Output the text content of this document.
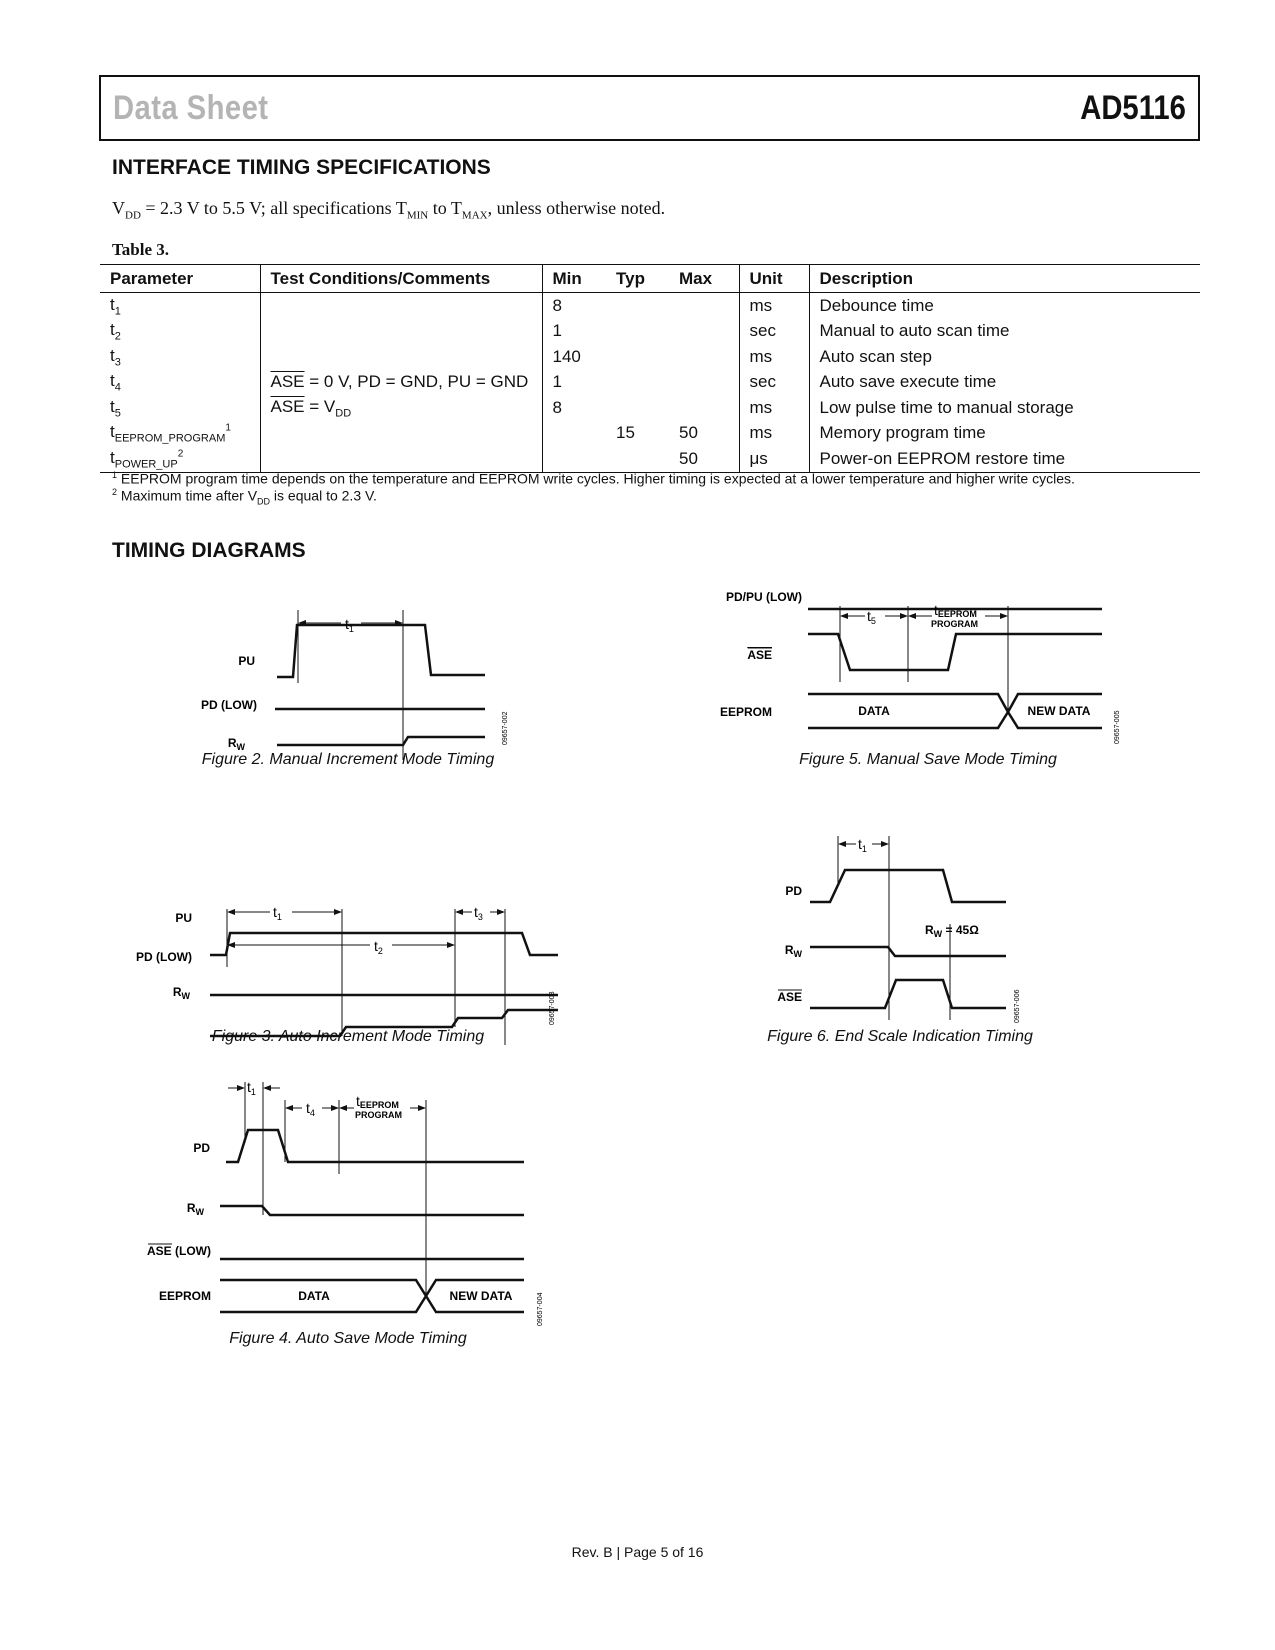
Data Sheet	AD5116
INTERFACE TIMING SPECIFICATIONS
$V_{DD} = 2.3$ V to 5.5 V; all specifications $T_{MIN}$ to $T_{MAX}$, unless otherwise noted.
Table 3.
Parameter	Test Conditions/Comments	Min	Typ	Max	Unit	Description
$t_1$		8			ms	Debounce time
$t_2$		1			sec	Manual to auto scan time
$t_3$		140			ms	Auto scan step
$t_4$	$\overline{ASE} = 0$ V, PD = GND, PU = GND	1			sec	Auto save execute time
$t_5$	$\overline{ASE} = V_{DD}$	8			ms	Low pulse time to manual storage
$t_{EEPROM\_PROGRAM}^1$			15	50	ms	Memory program time
$t_{POWER\_UP}^2$				50	μs	Power-on EEPROM restore time
$^1$ EEPROM program time depends on the temperature and EEPROM write cycles. Higher timing is expected at a lower temperature and higher write cycles.
$^2$ Maximum time after $V_{DD}$ is equal to 2.3 V.
TIMING DIAGRAMS
$t_1$
PU
PD (LOW)
$R_W$
09657-002
Figure 2. Manual Increment Mode Timing
PD/PU (LOW)
$t_5$
tEEPROM
PROGRAM
ASE
EEPROM	DATA	NEW DATA	09657-005
Figure 5. Manual Save Mode Timing
$t_1$
$t_2$
$t_3$
PU
PD (LOW)
$R_W$	09657-003
Figure 3. Auto Increment Mode Timing
$t_1$
PD
$R_W$
ASE
$R_W = 45\Omega$
09657-006
Figure 6. End Scale Indication Timing
$t_1$
$t_4$
tEEPROM
PROGRAM
PD
$R_W$
ASE (LOW)
EEPROM	DATA	NEW DATA	09657-004
Figure 4. Auto Save Mode Timing
Rev. B | Page 5 of 16
